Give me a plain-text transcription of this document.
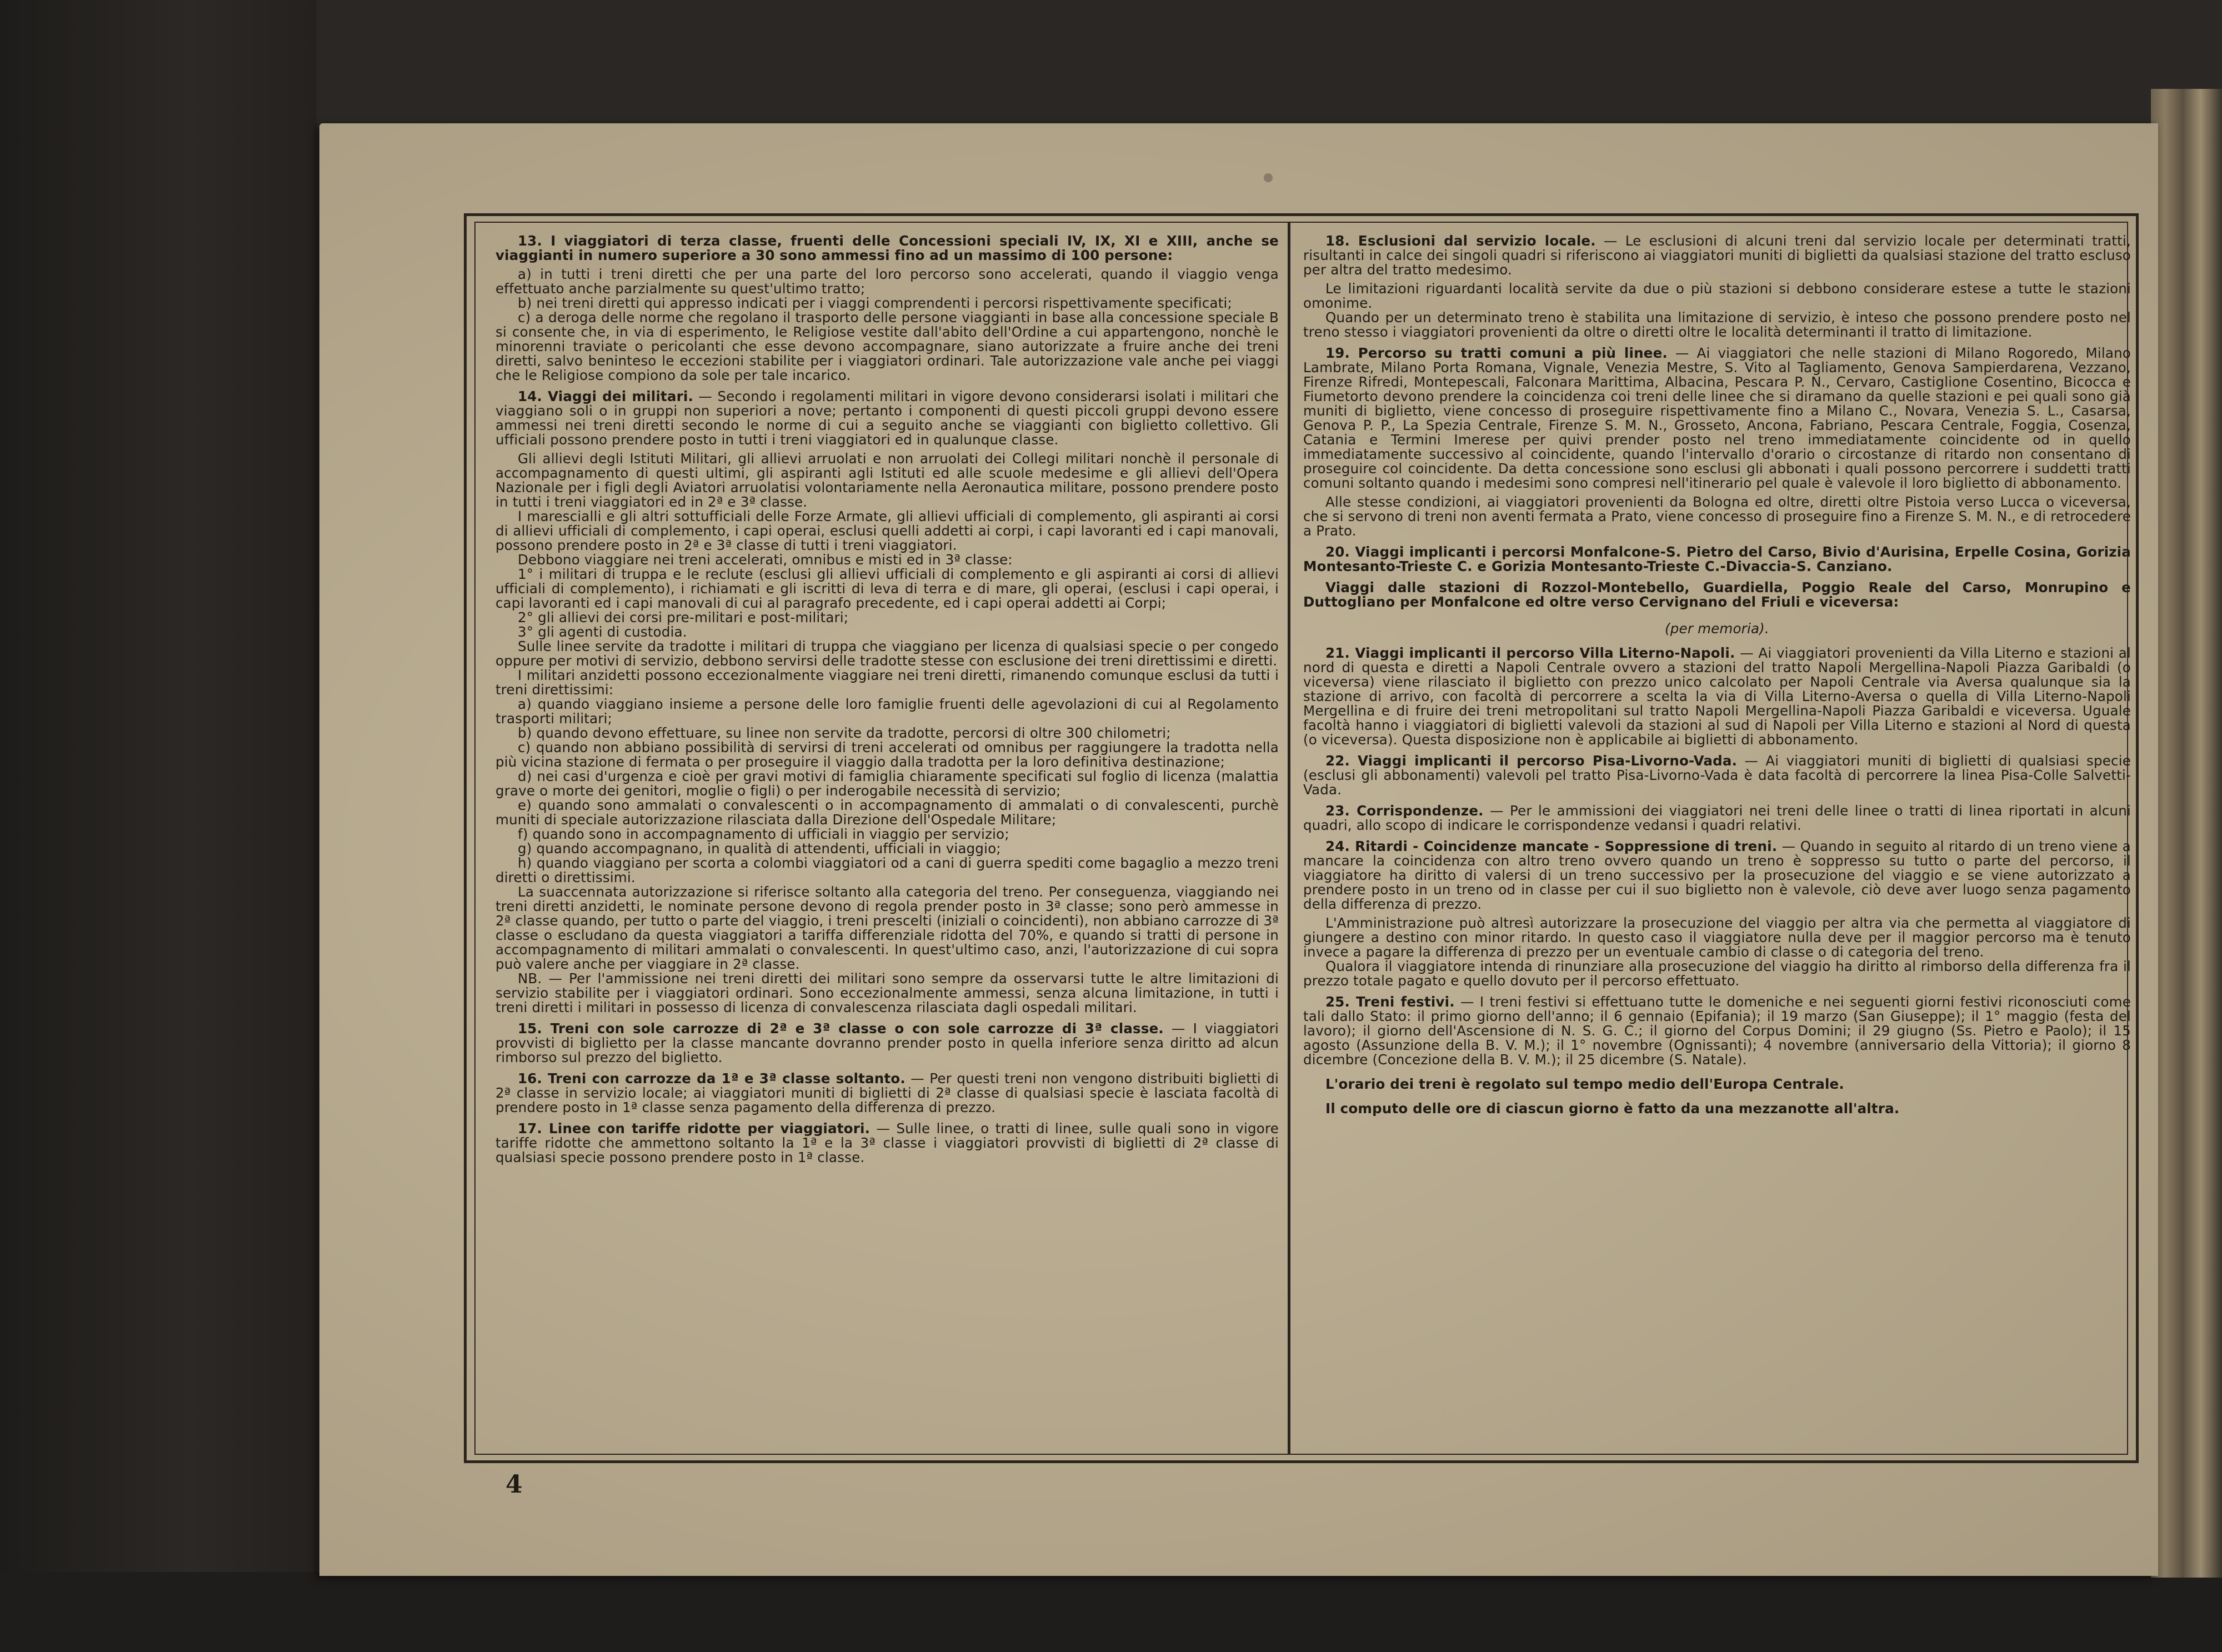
13. I viaggiatori di terza classe, fruenti delle Concessioni speciali IV, IX, XI e XIII, anche se viaggianti in numero superiore a 30 sono ammessi fino ad un massimo di 100 persone:
a) in tutti i treni diretti che per una parte del loro percorso sono accelerati, quando il viaggio venga effettuato anche parzialmente su quest'ultimo tratto;
b) nei treni diretti qui appresso indicati per i viaggi comprendenti i percorsi rispettivamente specificati;
c) a deroga delle norme che regolano il trasporto delle persone viaggianti in base alla concessione speciale B si consente che, in via di esperimento, le Religiose vestite dall'abito dell'Ordine a cui appartengono, nonchè le minorenni traviate o pericolanti che esse devono accompagnare, siano autorizzate a fruire anche dei treni diretti, salvo beninteso le eccezioni stabilite per i viaggiatori ordinari. Tale autorizzazione vale anche pei viaggi che le Religiose compiono da sole per tale incarico.
14. Viaggi dei militari. — Secondo i regolamenti militari in vigore devono considerarsi isolati i militari che viaggiano soli o in gruppi non superiori a nove; pertanto i componenti di questi piccoli gruppi devono essere ammessi nei treni diretti secondo le norme di cui a seguito anche se viaggianti con biglietto collettivo. Gli ufficiali possono prendere posto in tutti i treni viaggiatori ed in qualunque classe.
Gli allievi degli Istituti Militari, gli allievi arruolati e non arruolati dei Collegi militari nonchè il personale di accompagnamento di questi ultimi, gli aspiranti agli Istituti ed alle scuole medesime e gli allievi dell'Opera Nazionale per i figli degli Aviatori arruolatisi volontariamente nella Aeronautica militare, possono prendere posto in tutti i treni viaggiatori ed in 2ª e 3ª classe.
I marescialli e gli altri sottufficiali delle Forze Armate, gli allievi ufficiali di complemento, gli aspiranti ai corsi di allievi ufficiali di complemento, i capi operai, esclusi quelli addetti ai corpi, i capi lavoranti ed i capi manovali, possono prendere posto in 2ª e 3ª classe di tutti i treni viaggiatori.
Debbono viaggiare nei treni accelerati, omnibus e misti ed in 3ª classe:
1° i militari di truppa e le reclute (esclusi gli allievi ufficiali di complemento e gli aspiranti ai corsi di allievi ufficiali di complemento), i richiamati e gli iscritti di leva di terra e di mare, gli operai, (esclusi i capi operai, i capi lavoranti ed i capi manovali di cui al paragrafo precedente, ed i capi operai addetti ai Corpi;
2° gli allievi dei corsi pre-militari e post-militari;
3° gli agenti di custodia.
Sulle linee servite da tradotte i militari di truppa che viaggiano per licenza di qualsiasi specie o per congedo oppure per motivi di servizio, debbono servirsi delle tradotte stesse con esclusione dei treni direttissimi e diretti.
I militari anzidetti possono eccezionalmente viaggiare nei treni diretti, rimanendo comunque esclusi da tutti i treni direttissimi:
a) quando viaggiano insieme a persone delle loro famiglie fruenti delle agevolazioni di cui al Regolamento trasporti militari;
b) quando devono effettuare, su linee non servite da tradotte, percorsi di oltre 300 chilometri;
c) quando non abbiano possibilità di servirsi di treni accelerati od omnibus per raggiungere la tradotta nella più vicina stazione di fermata o per proseguire il viaggio dalla tradotta per la loro definitiva destinazione;
d) nei casi d'urgenza e cioè per gravi motivi di famiglia chiaramente specificati sul foglio di licenza (malattia grave o morte dei genitori, moglie o figli) o per inderogabile necessità di servizio;
e) quando sono ammalati o convalescenti o in accompagnamento di ammalati o di convalescenti, purchè muniti di speciale autorizzazione rilasciata dalla Direzione dell'Ospedale Militare;
f) quando sono in accompagnamento di ufficiali in viaggio per servizio;
g) quando accompagnano, in qualità di attendenti, ufficiali in viaggio;
h) quando viaggiano per scorta a colombi viaggiatori od a cani di guerra spediti come bagaglio a mezzo treni diretti o direttissimi.
La suaccennata autorizzazione si riferisce soltanto alla categoria del treno. Per conseguenza, viaggiando nei treni diretti anzidetti, le nominate persone devono di regola prender posto in 3ª classe; sono però ammesse in 2ª classe quando, per tutto o parte del viaggio, i treni prescelti (iniziali o coincidenti), non abbiano carrozze di 3ª classe o escludano da questa viaggiatori a tariffa differenziale ridotta del 70%, e quando si tratti di persone in accompagnamento di militari ammalati o convalescenti. In quest'ultimo caso, anzi, l'autorizzazione di cui sopra può valere anche per viaggiare in 2ª classe.
NB. — Per l'ammissione nei treni diretti dei militari sono sempre da osservarsi tutte le altre limitazioni di servizio stabilite per i viaggiatori ordinari. Sono eccezionalmente ammessi, senza alcuna limitazione, in tutti i treni diretti i militari in possesso di licenza di convalescenza rilasciata dagli ospedali militari.
15. Treni con sole carrozze di 2ª e 3ª classe o con sole carrozze di 3ª classe. — I viaggiatori provvisti di biglietto per la classe mancante dovranno prender posto in quella inferiore senza diritto ad alcun rimborso sul prezzo del biglietto.
16. Treni con carrozze da 1ª e 3ª classe soltanto. — Per questi treni non vengono distribuiti biglietti di 2ª classe in servizio locale; ai viaggiatori muniti di biglietti di 2ª classe di qualsiasi specie è lasciata facoltà di prendere posto in 1ª classe senza pagamento della differenza di prezzo.
17. Linee con tariffe ridotte per viaggiatori. — Sulle linee, o tratti di linee, sulle quali sono in vigore tariffe ridotte che ammettono soltanto la 1ª e la 3ª classe i viaggiatori provvisti di biglietti di 2ª classe di qualsiasi specie possono prendere posto in 1ª classe.
18. Esclusioni dal servizio locale. — Le esclusioni di alcuni treni dal servizio locale per determinati tratti, risultanti in calce dei singoli quadri si riferiscono ai viaggiatori muniti di biglietti da qualsiasi stazione del tratto escluso per altra del tratto medesimo.
Le limitazioni riguardanti località servite da due o più stazioni si debbono considerare estese a tutte le stazioni omonime.
Quando per un determinato treno è stabilita una limitazione di servizio, è inteso che possono prendere posto nel treno stesso i viaggiatori provenienti da oltre o diretti oltre le località determinanti il tratto di limitazione.
19. Percorso su tratti comuni a più linee. — Ai viaggiatori che nelle stazioni di Milano Rogoredo, Milano Lambrate, Milano Porta Romana, Vignale, Venezia Mestre, S. Vito al Tagliamento, Genova Sampierdarena, Vezzano, Firenze Rifredi, Montepescali, Falconara Marittima, Albacina, Pescara P. N., Cervaro, Castiglione Cosentino, Bicocca e Fiumetorto devono prendere la coincidenza coi treni delle linee che si diramano da quelle stazioni e pei quali sono già muniti di biglietto, viene concesso di proseguire rispettivamente fino a Milano C., Novara, Venezia S. L., Casarsa, Genova P. P., La Spezia Centrale, Firenze S. M. N., Grosseto, Ancona, Fabriano, Pescara Centrale, Foggia, Cosenza, Catania e Termini Imerese per quivi prender posto nel treno immediatamente coincidente od in quello immediatamente successivo al coincidente, quando l'intervallo d'orario o circostanze di ritardo non consentano di proseguire col coincidente. Da detta concessione sono esclusi gli abbonati i quali possono percorrere i suddetti tratti comuni soltanto quando i medesimi sono compresi nell'itinerario pel quale è valevole il loro biglietto di abbonamento.
Alle stesse condizioni, ai viaggiatori provenienti da Bologna ed oltre, diretti oltre Pistoia verso Lucca o viceversa, che si servono di treni non aventi fermata a Prato, viene concesso di proseguire fino a Firenze S. M. N., e di retrocedere a Prato.
20. Viaggi implicanti i percorsi Monfalcone-S. Pietro del Carso, Bivio d'Aurisina, Erpelle Cosina, Gorizia Montesanto-Trieste C. e Gorizia Montesanto-Trieste C.-Divaccia-S. Canziano.
Viaggi dalle stazioni di Rozzol-Montebello, Guardiella, Poggio Reale del Carso, Monrupino e Duttogliano per Monfalcone ed oltre verso Cervignano del Friuli e viceversa:
(per memoria).
21. Viaggi implicanti il percorso Villa Literno-Napoli. — Ai viaggiatori provenienti da Villa Literno e stazioni al nord di questa e diretti a Napoli Centrale ovvero a stazioni del tratto Napoli Mergellina-Napoli Piazza Garibaldi (o viceversa) viene rilasciato il biglietto con prezzo unico calcolato per Napoli Centrale via Aversa qualunque sia la stazione di arrivo, con facoltà di percorrere a scelta la via di Villa Literno-Aversa o quella di Villa Literno-Napoli Mergellina e di fruire dei treni metropolitani sul tratto Napoli Mergellina-Napoli Piazza Garibaldi e viceversa. Uguale facoltà hanno i viaggiatori di biglietti valevoli da stazioni al sud di Napoli per Villa Literno e stazioni al Nord di questa (o viceversa). Questa disposizione non è applicabile ai biglietti di abbonamento.
22. Viaggi implicanti il percorso Pisa-Livorno-Vada. — Ai viaggiatori muniti di biglietti di qualsiasi specie (esclusi gli abbonamenti) valevoli pel tratto Pisa-Livorno-Vada è data facoltà di percorrere la linea Pisa-Colle Salvetti-Vada.
23. Corrispondenze. — Per le ammissioni dei viaggiatori nei treni delle linee o tratti di linea riportati in alcuni quadri, allo scopo di indicare le corrispondenze vedansi i quadri relativi.
24. Ritardi - Coincidenze mancate - Soppressione di treni. — Quando in seguito al ritardo di un treno viene a mancare la coincidenza con altro treno ovvero quando un treno è soppresso su tutto o parte del percorso, il viaggiatore ha diritto di valersi di un treno successivo per la prosecuzione del viaggio e se viene autorizzato a prendere posto in un treno od in classe per cui il suo biglietto non è valevole, ciò deve aver luogo senza pagamento della differenza di prezzo.
L'Amministrazione può altresì autorizzare la prosecuzione del viaggio per altra via che permetta al viaggiatore di giungere a destino con minor ritardo. In questo caso il viaggiatore nulla deve per il maggior percorso ma è tenuto invece a pagare la differenza di prezzo per un eventuale cambio di classe o di categoria del treno.
Qualora il viaggiatore intenda di rinunziare alla prosecuzione del viaggio ha diritto al rimborso della differenza fra il prezzo totale pagato e quello dovuto per il percorso effettuato.
25. Treni festivi. — I treni festivi si effettuano tutte le domeniche e nei seguenti giorni festivi riconosciuti come tali dallo Stato: il primo giorno dell'anno; il 6 gennaio (Epifania); il 19 marzo (San Giuseppe); il 1° maggio (festa del lavoro); il giorno dell'Ascensione di N. S. G. C.; il giorno del Corpus Domini; il 29 giugno (Ss. Pietro e Paolo); il 15 agosto (Assunzione della B. V. M.); il 1° novembre (Ognissanti); 4 novembre (anniversario della Vittoria); il giorno 8 dicembre (Concezione della B. V. M.); il 25 dicembre (S. Natale).
L'orario dei treni è regolato sul tempo medio dell'Europa Centrale.
Il computo delle ore di ciascun giorno è fatto da una mezzanotte all'altra.
4
